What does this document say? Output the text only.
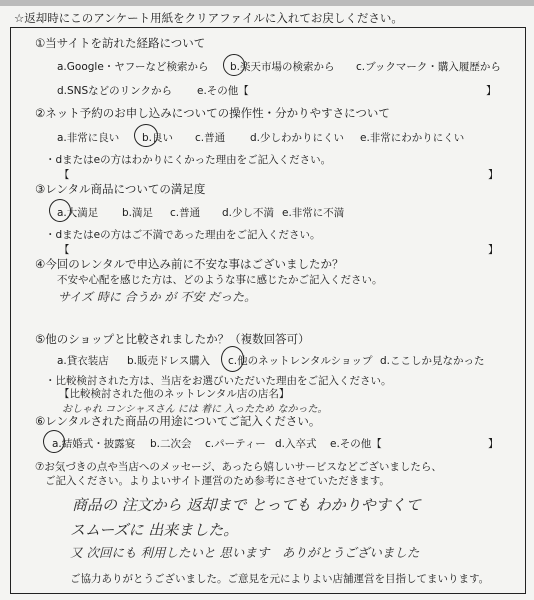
☆返却時にこのアンケート用紙をクリアファイルに入れてお戻しください。
①当サイトを訪れた経路について
a.Google・ヤフーなど検索から b.楽天市場の検索から c.ブックマーク・購入履歴から
d.SNSなどのリンクから e.その他【	】
②ネット予約のお申し込みについての操作性・分かりやすさについて
a.非常に良い b.良い c.普通 d.少しわかりにくい e.非常にわかりにくい
・dまたはeの方はわかりにくかった理由をご記入ください。
【	】
③レンタル商品についての満足度
a.大満足 b.満足 c.普通 d.少し不満 e.非常に不満
・dまたはeの方はご不満であった理由をご記入ください。
【	】
④今回のレンタルで申込み前に不安な事はございましたか？
不安や心配を感じた方は、どのような事に感じたかご記入ください。
サイズ 時に 合うか が 不安 だった。
⑤他のショップと比較されましたか？（複数回答可）
a.貸衣装店 b.販売ドレス購入 c.他のネットレンタルショップ d.ここしか見なかった
・比較検討された方は、当店をお選びいただいた理由をご記入ください。
【比較検討された他のネットレンタル店の店名】
おしゃれ コンシャスさん には 着に 入ったため なかった。
⑥レンタルされた商品の用途についてご記入ください。
a.結婚式・披露宴 b.二次会 c.パーティー d.入卒式 e.その他【	】
⑦お気づきの点や当店へのメッセージ、あったら嬉しいサービスなどございましたら、
ご記入ください。よりよいサイト運営のため参考にさせていただきます。
商品の 注文から 返却まで とっても わかりやすくて
スムーズに 出来ました。
又 次回にも 利用したいと 思います　ありがとうございました
ご協力ありがとうございました。ご意見を元によりよい店舗運営を目指してまいります。
